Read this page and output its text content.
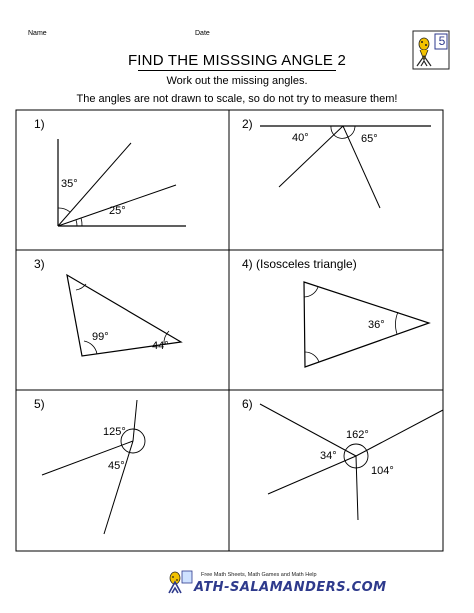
Name	Date
5
FIND THE MISSSING ANGLE 2
Work out the missing angles.
The angles are not drawn to scale, so do not try to measure them!
1)	2)
3)	4) (Isosceles triangle)
5)	6)
35°
25°
40°	65°
99°
44°
36°
125°
45°
162°
34°
104°
Free Math Sheets, Math Games and Math Help
ATH-SALAMANDERS.COM
